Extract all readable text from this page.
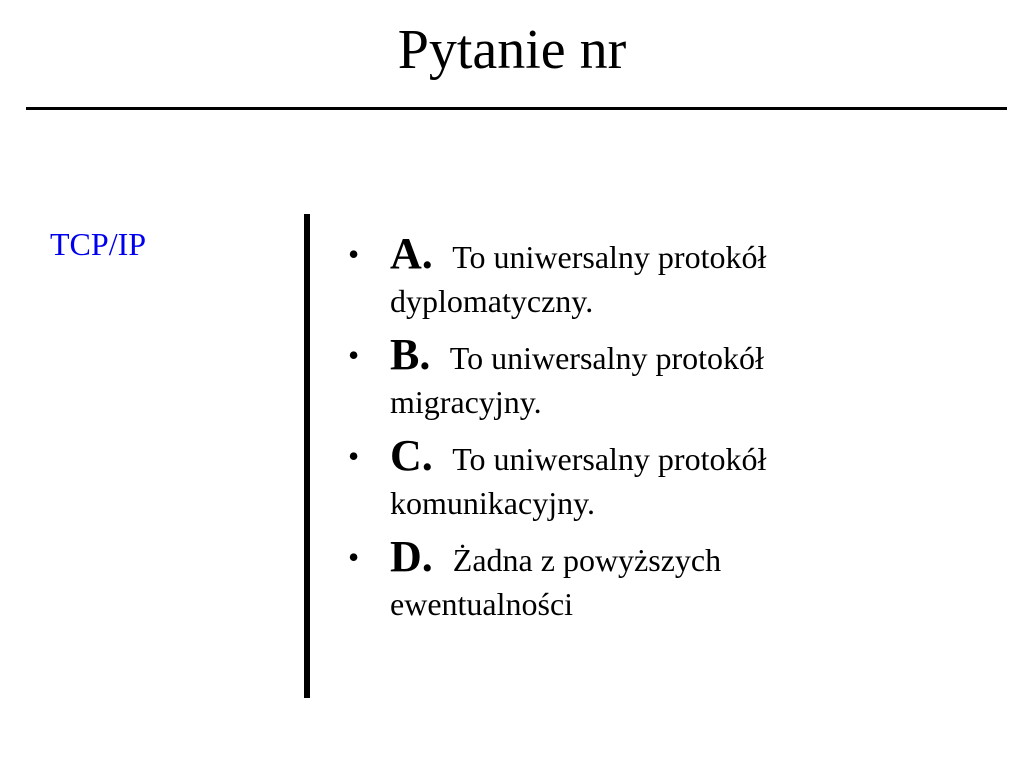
Pytanie nr
TCP/IP	• A. To uniwersalny protokół dyplomatyczny.
• B. To uniwersalny protokół migracyjny.
• C. To uniwersalny protokół komunikacyjny.
• D. Żadna z powyższych ewentualności
